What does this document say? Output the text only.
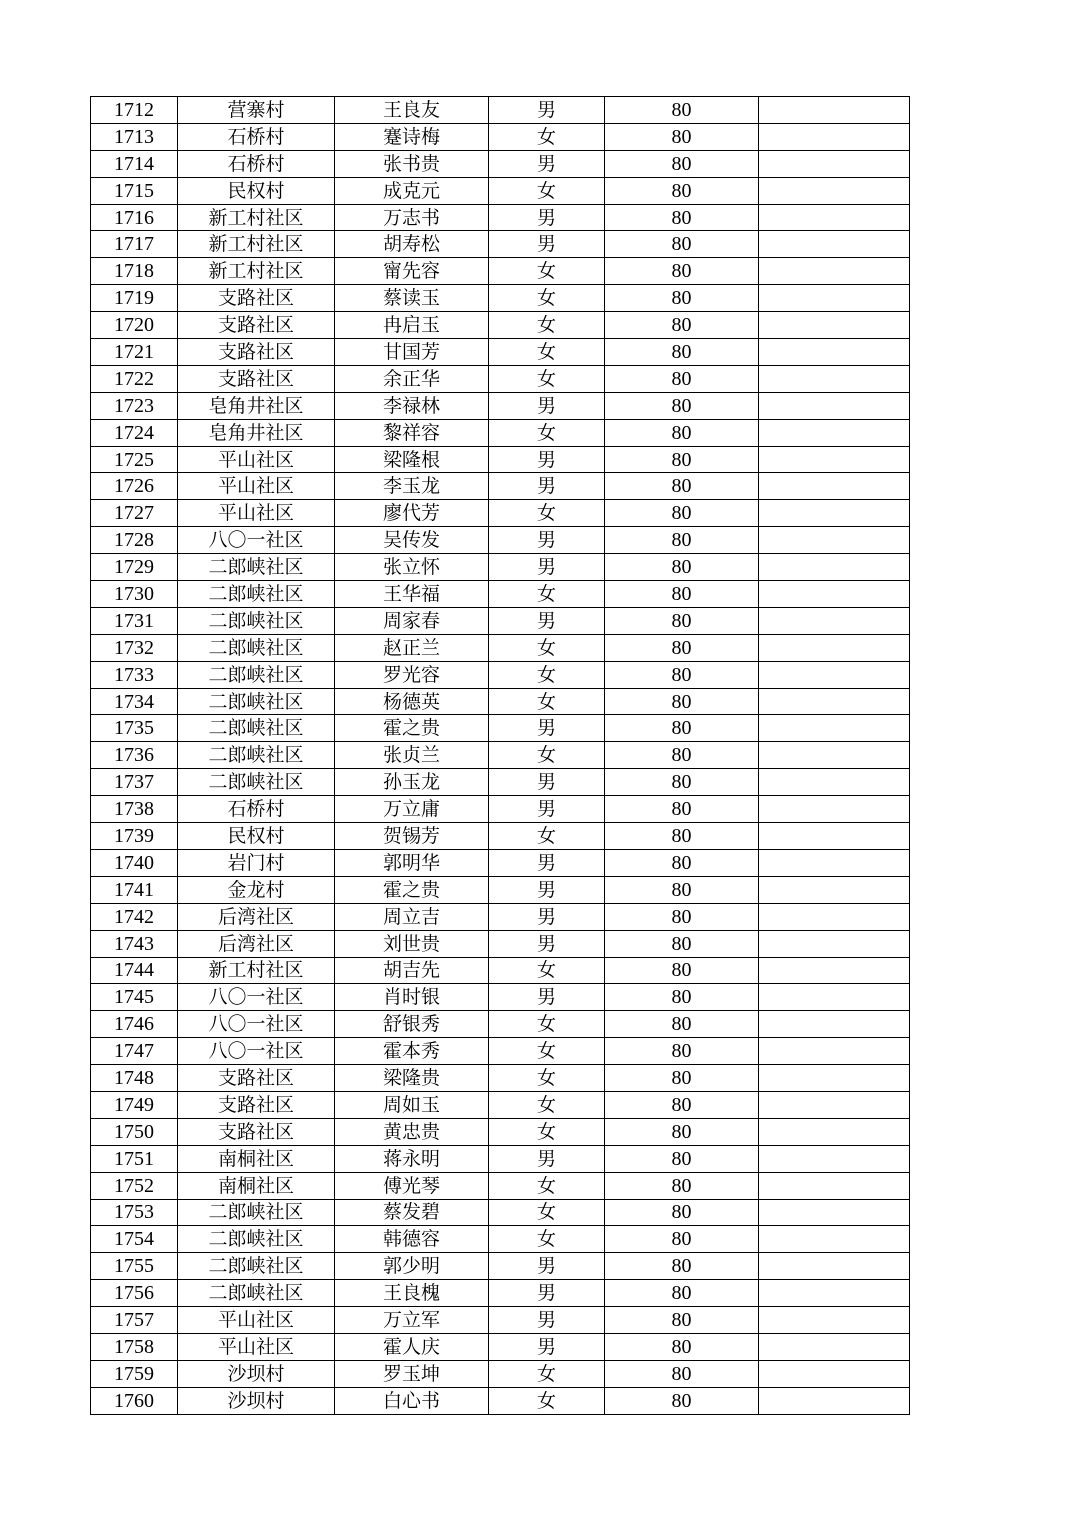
1712	营寨村	王良友	男	80	
1713	石桥村	蹇诗梅	女	80	
1714	石桥村	张书贵	男	80	
1715	民权村	成克元	女	80	
1716	新工村社区	万志书	男	80	
1717	新工村社区	胡寿松	男	80	
1718	新工村社区	甯先容	女	80	
1719	支路社区	蔡读玉	女	80	
1720	支路社区	冉启玉	女	80	
1721	支路社区	甘国芳	女	80	
1722	支路社区	余正华	女	80	
1723	皂角井社区	李禄林	男	80	
1724	皂角井社区	黎祥容	女	80	
1725	平山社区	梁隆根	男	80	
1726	平山社区	李玉龙	男	80	
1727	平山社区	廖代芳	女	80	
1728	八〇一社区	吴传发	男	80	
1729	二郎峡社区	张立怀	男	80	
1730	二郎峡社区	王华福	女	80	
1731	二郎峡社区	周家春	男	80	
1732	二郎峡社区	赵正兰	女	80	
1733	二郎峡社区	罗光容	女	80	
1734	二郎峡社区	杨德英	女	80	
1735	二郎峡社区	霍之贵	男	80	
1736	二郎峡社区	张贞兰	女	80	
1737	二郎峡社区	孙玉龙	男	80	
1738	石桥村	万立庸	男	80	
1739	民权村	贺锡芳	女	80	
1740	岩门村	郭明华	男	80	
1741	金龙村	霍之贵	男	80	
1742	后湾社区	周立吉	男	80	
1743	后湾社区	刘世贵	男	80	
1744	新工村社区	胡吉先	女	80	
1745	八〇一社区	肖时银	男	80	
1746	八〇一社区	舒银秀	女	80	
1747	八〇一社区	霍本秀	女	80	
1748	支路社区	梁隆贵	女	80	
1749	支路社区	周如玉	女	80	
1750	支路社区	黄忠贵	女	80	
1751	南桐社区	蒋永明	男	80	
1752	南桐社区	傅光琴	女	80	
1753	二郎峡社区	蔡发碧	女	80	
1754	二郎峡社区	韩德容	女	80	
1755	二郎峡社区	郭少明	男	80	
1756	二郎峡社区	王良槐	男	80	
1757	平山社区	万立军	男	80	
1758	平山社区	霍人庆	男	80	
1759	沙坝村	罗玉坤	女	80	
1760	沙坝村	白心书	女	80	
